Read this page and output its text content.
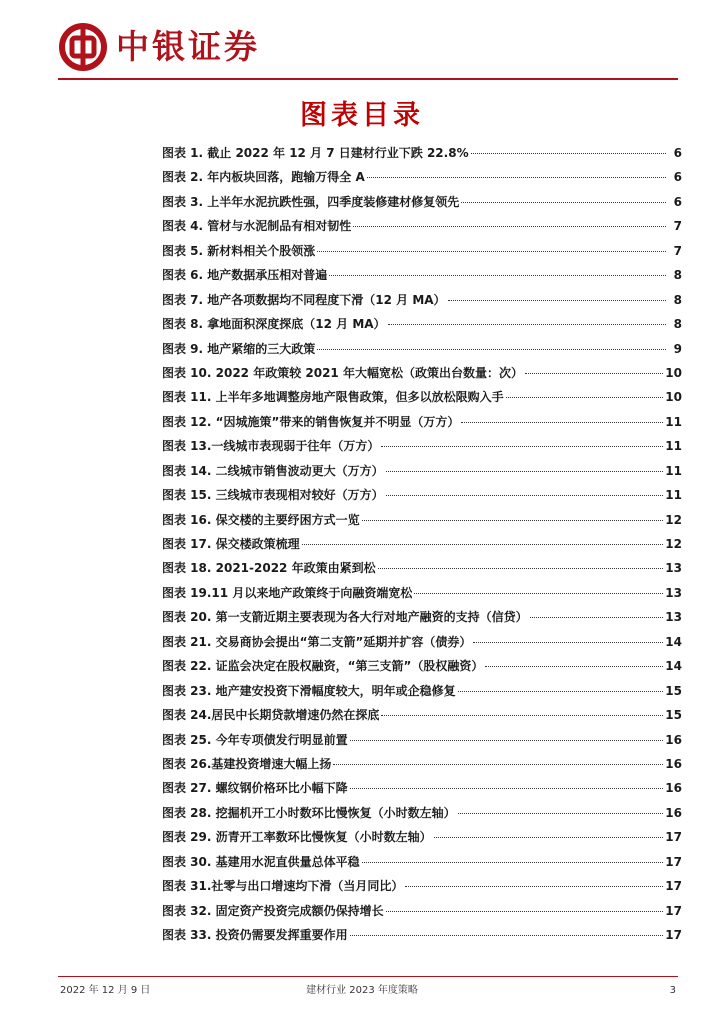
中银证券
图表目录
图表 1. 截止 2022 年 12 月 7 日建材行业下跌 22.8%	6
图表 2. 年内板块回落，跑输万得全 A	6
图表 3. 上半年水泥抗跌性强，四季度装修建材修复领先	6
图表 4. 管材与水泥制品有相对韧性	7
图表 5. 新材料相关个股领涨	7
图表 6. 地产数据承压相对普遍	8
图表 7. 地产各项数据均不同程度下滑（12 月 MA）	8
图表 8. 拿地面积深度探底（12 月 MA）	8
图表 9. 地产紧缩的三大政策	9
图表 10. 2022 年政策较 2021 年大幅宽松（政策出台数量：次）	10
图表 11. 上半年多地调整房地产限售政策，但多以放松限购入手	10
图表 12. “因城施策”带来的销售恢复并不明显（万方）	11
图表 13.一线城市表现弱于往年（万方）	11
图表 14. 二线城市销售波动更大（万方）	11
图表 15. 三线城市表现相对较好（万方）	11
图表 16. 保交楼的主要纾困方式一览	12
图表 17. 保交楼政策梳理	12
图表 18. 2021-2022 年政策由紧到松	13
图表 19.11 月以来地产政策终于向融资端宽松	13
图表 20. 第一支箭近期主要表现为各大行对地产融资的支持（信贷）	13
图表 21. 交易商协会提出“第二支箭”延期并扩容（债券）	14
图表 22. 证监会决定在股权融资，“第三支箭”（股权融资）	14
图表 23. 地产建安投资下滑幅度较大，明年或企稳修复	15
图表 24.居民中长期贷款增速仍然在探底	15
图表 25. 今年专项债发行明显前置	16
图表 26.基建投资增速大幅上扬	16
图表 27. 螺纹钢价格环比小幅下降	16
图表 28. 挖掘机开工小时数环比慢恢复（小时数左轴）	16
图表 29. 沥青开工率数环比慢恢复（小时数左轴）	17
图表 30. 基建用水泥直供量总体平稳	17
图表 31.社零与出口增速均下滑（当月同比）	17
图表 32. 固定资产投资完成额仍保持增长	17
图表 33. 投资仍需要发挥重要作用	17
2022 年 12 月 9 日	建材行业 2023 年度策略	3
